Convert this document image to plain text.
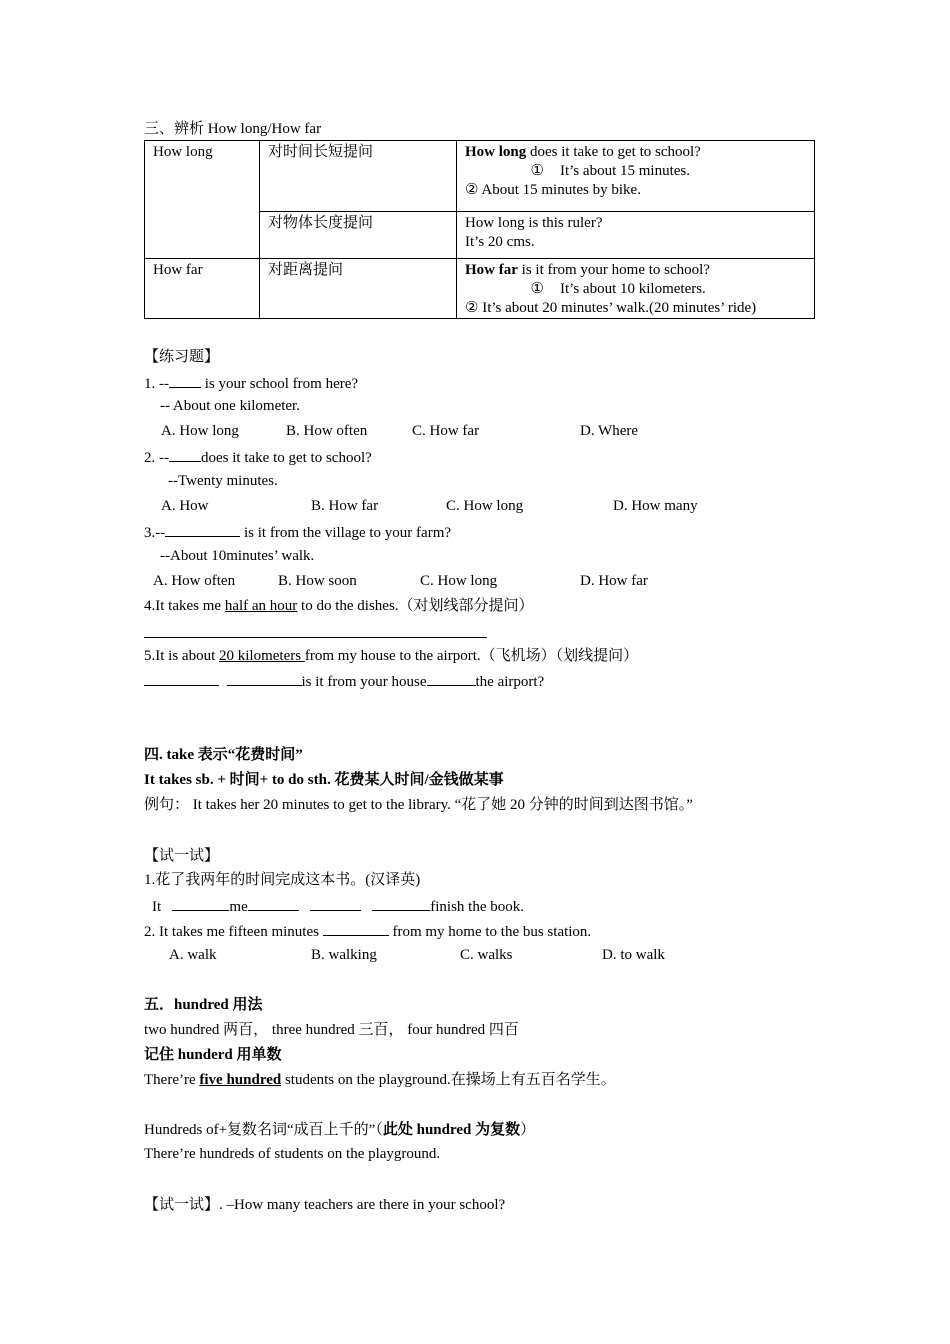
三、辨析 How long/How far
How long	对时间长短提问	How long does it take to get to school?
① It’s about 15 minutes.
② About 15 minutes by bike.

	对物体长度提问	How long is this ruler?
It’s 20 cms.

How far	对距离提问	How far is it from your home to school?
① It’s about 10 kilometers.
② It’s about 20 minutes’ walk.(20 minutes’ ride)
【练习题】
1. -- is your school from here?
-- About one kilometer.
A. How long	B. How often	C. How far	D. Where
2. -- does it take to get to school?
--Twenty minutes.
A. How	B. How far	C. How long	D. How many
3.--	is it from the village to your farm?
--About 10minutes’ walk.
A. How often	B. How soon	C. How long	D. How far
4.It takes me half an hour to do the dishes.（对划线部分提问）
5.It is about 20 kilometers from my house to the airport.（飞机场）（划线提问）
is it from your house	the airport?
四. take 表示“花费时间”
It takes sb. + 时间+ to do sth. 花费某人时间/金钱做某事
例句： It takes her 20 minutes to get to the library. “花了她 20 分钟的时间到达图书馆。”
【试一试】
1.花了我两年的时间完成这本书。(汉译英)
It	me	finish the book.
2. It takes me fifteen minutes	from my home to the bus station.
A. walk	B. walking	C. walks	D. to walk
五．hundred 用法
two hundred 两百， three hundred 三百， four hundred 四百
记住 hunderd 用单数
There’re five hundred students on the playground.在操场上有五百名学生。
Hundreds of+复数名词“成百上千的”（此处 hundred 为复数）
There’re hundreds of students on the playground.
【试一试】. –How many teachers are there in your school?
